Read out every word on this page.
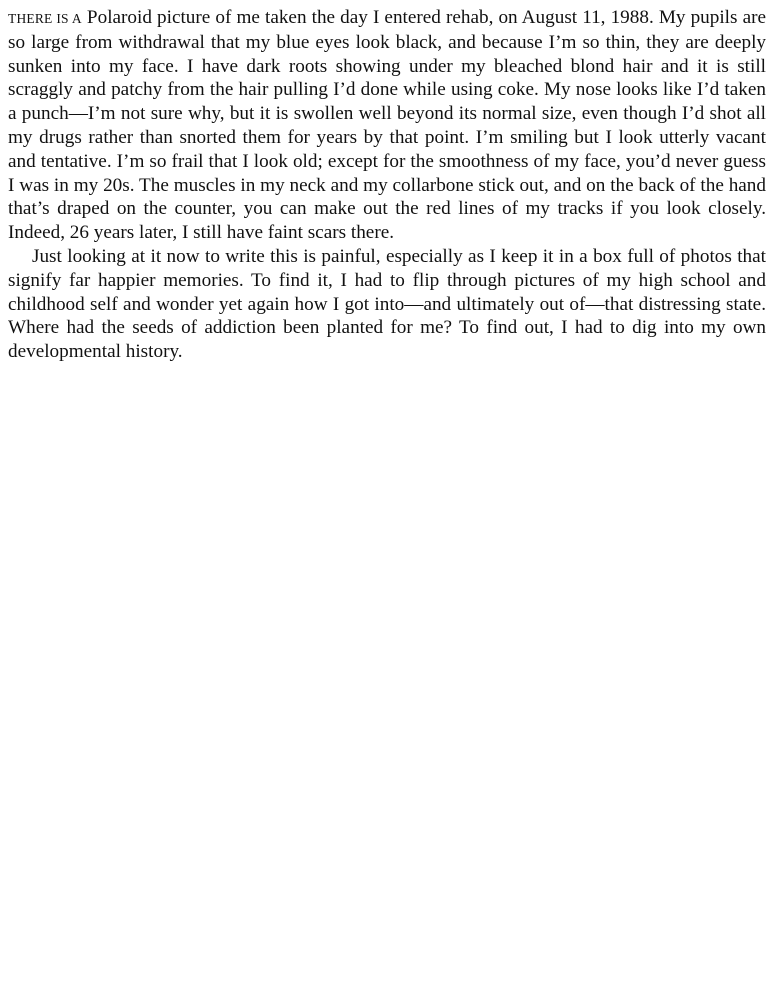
THERE IS A Polaroid picture of me taken the day I entered rehab, on August 11, 1988. My pupils are so large from withdrawal that my blue eyes look black, and because I’m so thin, they are deeply sunken into my face. I have dark roots showing under my bleached blond hair and it is still scraggly and patchy from the hair pulling I’d done while using coke. My nose looks like I’d taken a punch—I’m not sure why, but it is swollen well beyond its normal size, even though I’d shot all my drugs rather than snorted them for years by that point. I’m smiling but I look utterly vacant and tentative. I’m so frail that I look old; except for the smoothness of my face, you’d never guess I was in my 20s. The muscles in my neck and my collarbone stick out, and on the back of the hand that’s draped on the counter, you can make out the red lines of my tracks if you look closely. Indeed, 26 years later, I still have faint scars there.

Just looking at it now to write this is painful, especially as I keep it in a box full of photos that signify far happier memories. To find it, I had to flip through pictures of my high school and childhood self and wonder yet again how I got into—and ultimately out of—that distressing state. Where had the seeds of addiction been planted for me? To find out, I had to dig into my own developmental history.
